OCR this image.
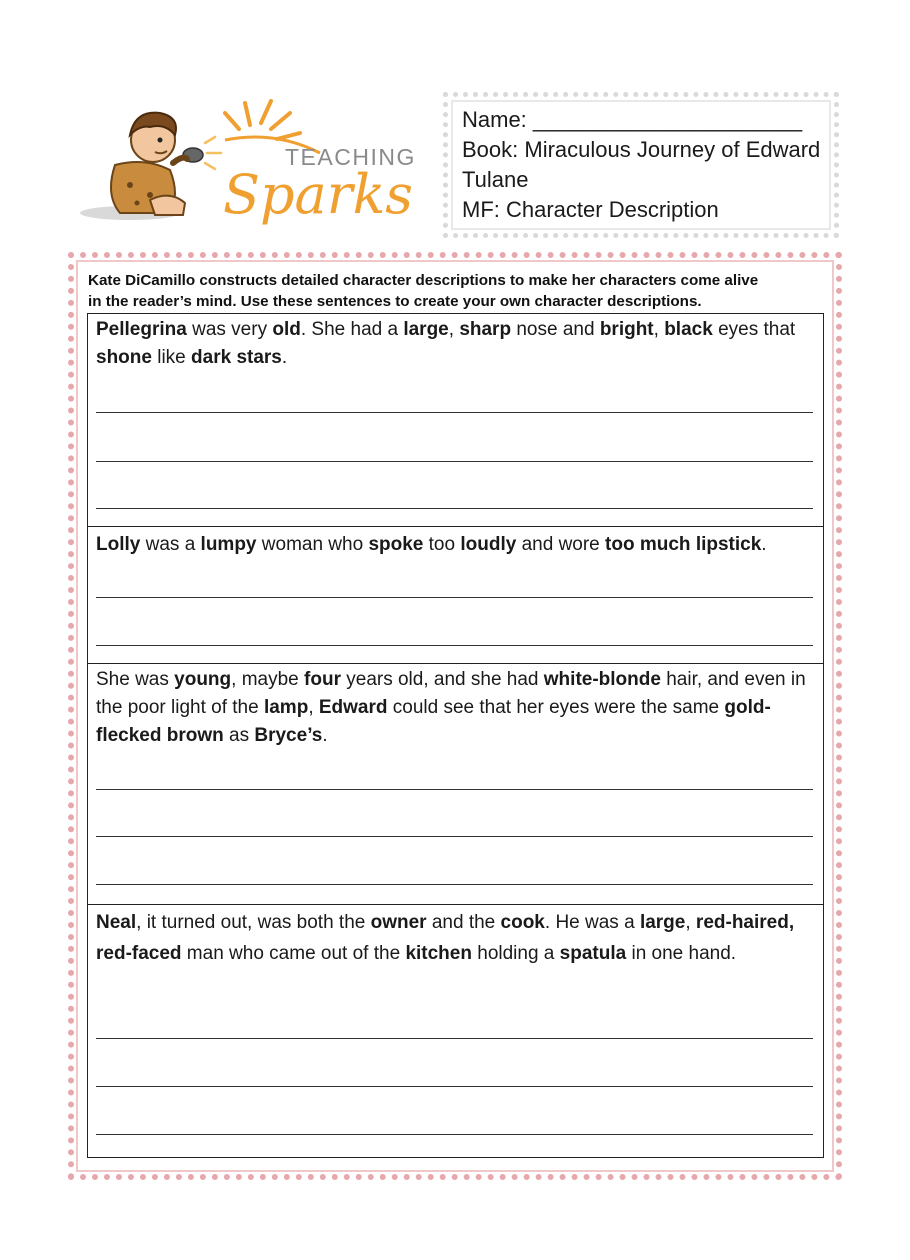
TEACHING
Sparks
Name: ______________________
Book: Miraculous Journey of Edward
Tulane
MF: Character Description
Kate DiCamillo constructs detailed character descriptions to make her characters come alive
in the reader’s mind. Use these sentences to create your own character descriptions.
Pellegrina was very old. She had a large, sharp nose and bright, black eyes that shone like dark stars.
Lolly was a lumpy woman who spoke too loudly and wore too much lipstick.
She was young, maybe four years old, and she had white-blonde hair, and even in the poor light of the lamp, Edward could see that her eyes were the same gold-flecked brown as Bryce’s.
Neal, it turned out, was both the owner and the cook. He was a large, red-haired, red-faced man who came out of the kitchen holding a spatula in one hand.
